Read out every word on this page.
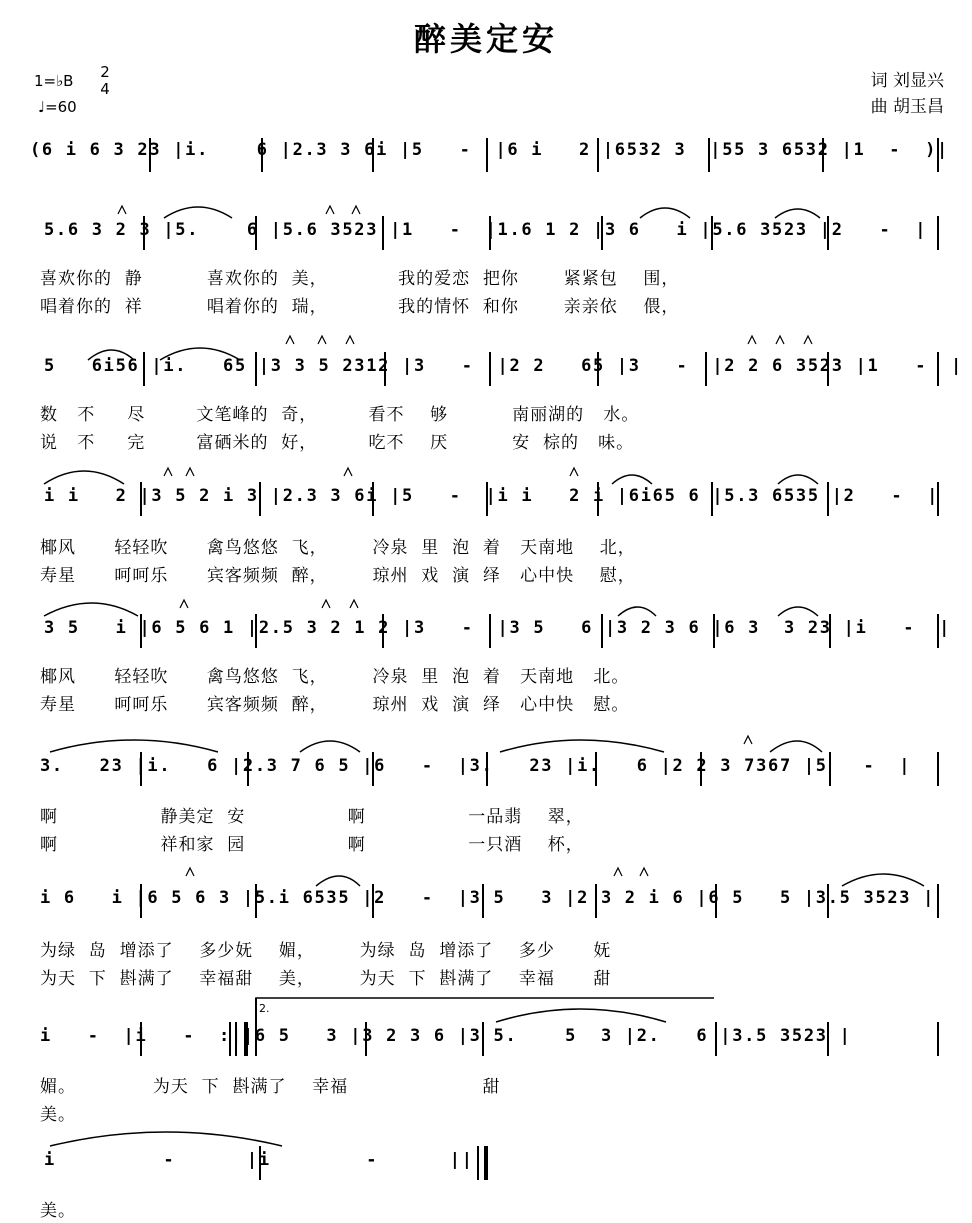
醉美定安
1=♭B 2
4
♩=60
词 刘显兴
曲 胡玉昌
(6 i 6 3 23 |i.    6 |2.3 3 6i |5   -  |6 i   2 |6532 3  |55 3 6532 |1  -  )|
5.6 3 2 3 |5.    6 |5.6 3523 |1   -  |1.6 1 2 |3 6   i |5.6 3523 |2   -  |
喜欢你的  静          喜欢你的  美，           我的爱恋  把你       紧紧包    围，
唱着你的  祥          唱着你的  瑞，           我的情怀  和你       亲亲依    偎，
5   6i56 |i.   65 |3 3 5 2312 |3   -  |2 2   65 |3   -  |2 2 6 3523 |1   -  |
数   不     尽        文笔峰的  奇，        看不    够          南丽湖的   水。
说   不     完        富硒米的  好，        吃不    厌          安  棕的   味。
i i   2 |3 5 2 i 3 |2.3 3 6i |5   -  |i i   2 i |6i65 6 |5.3 6535 |2   -  |
椰风      轻轻吹      禽鸟悠悠  飞，       冷泉  里  泡  着   天南地    北，
寿星      呵呵乐      宾客频频  醉，       琼州  戏  演  绎   心中快    慰，
3 5   i |6 5 6 1 |2.5 3 2 1 2 |3   -  |3 5   6 |3 2 3 6 |6 3  3 23 |i   -  |
椰风      轻轻吹      禽鸟悠悠  飞，       冷泉  里  泡  着   天南地   北。
寿星      呵呵乐      宾客频频  醉，       琼州  戏  演  绎   心中快   慰。
3.   23 |i.   6 |2.3 7 6 5 |6   -  |3.   23 |i.   6 |2 2 3 7367 |5   -  |
啊                静美定  安                啊                一品翡    翠，
啊                祥和家  园                啊                一只酒    杯，
i 6   i |6 5 6 3 |5.i 6535 |2   -  |3 5   3 |2 3 2 i 6 |6 5   5 |3.5 3523 |
为绿  岛  增添了    多少妩    媚，       为绿  岛  增添了    多少      妩
为天  下  斟满了    幸福甜    美，       为天  下  斟满了    幸福      甜
i   -  |i   -  :||6 5   3 |3 2 3 6 |3 5.    5  3 |2.   6 |3.5 3523 |
媚。            为天  下  斟满了    幸福                     甜
美。
i         -      |i        -      ||
美。
2.
